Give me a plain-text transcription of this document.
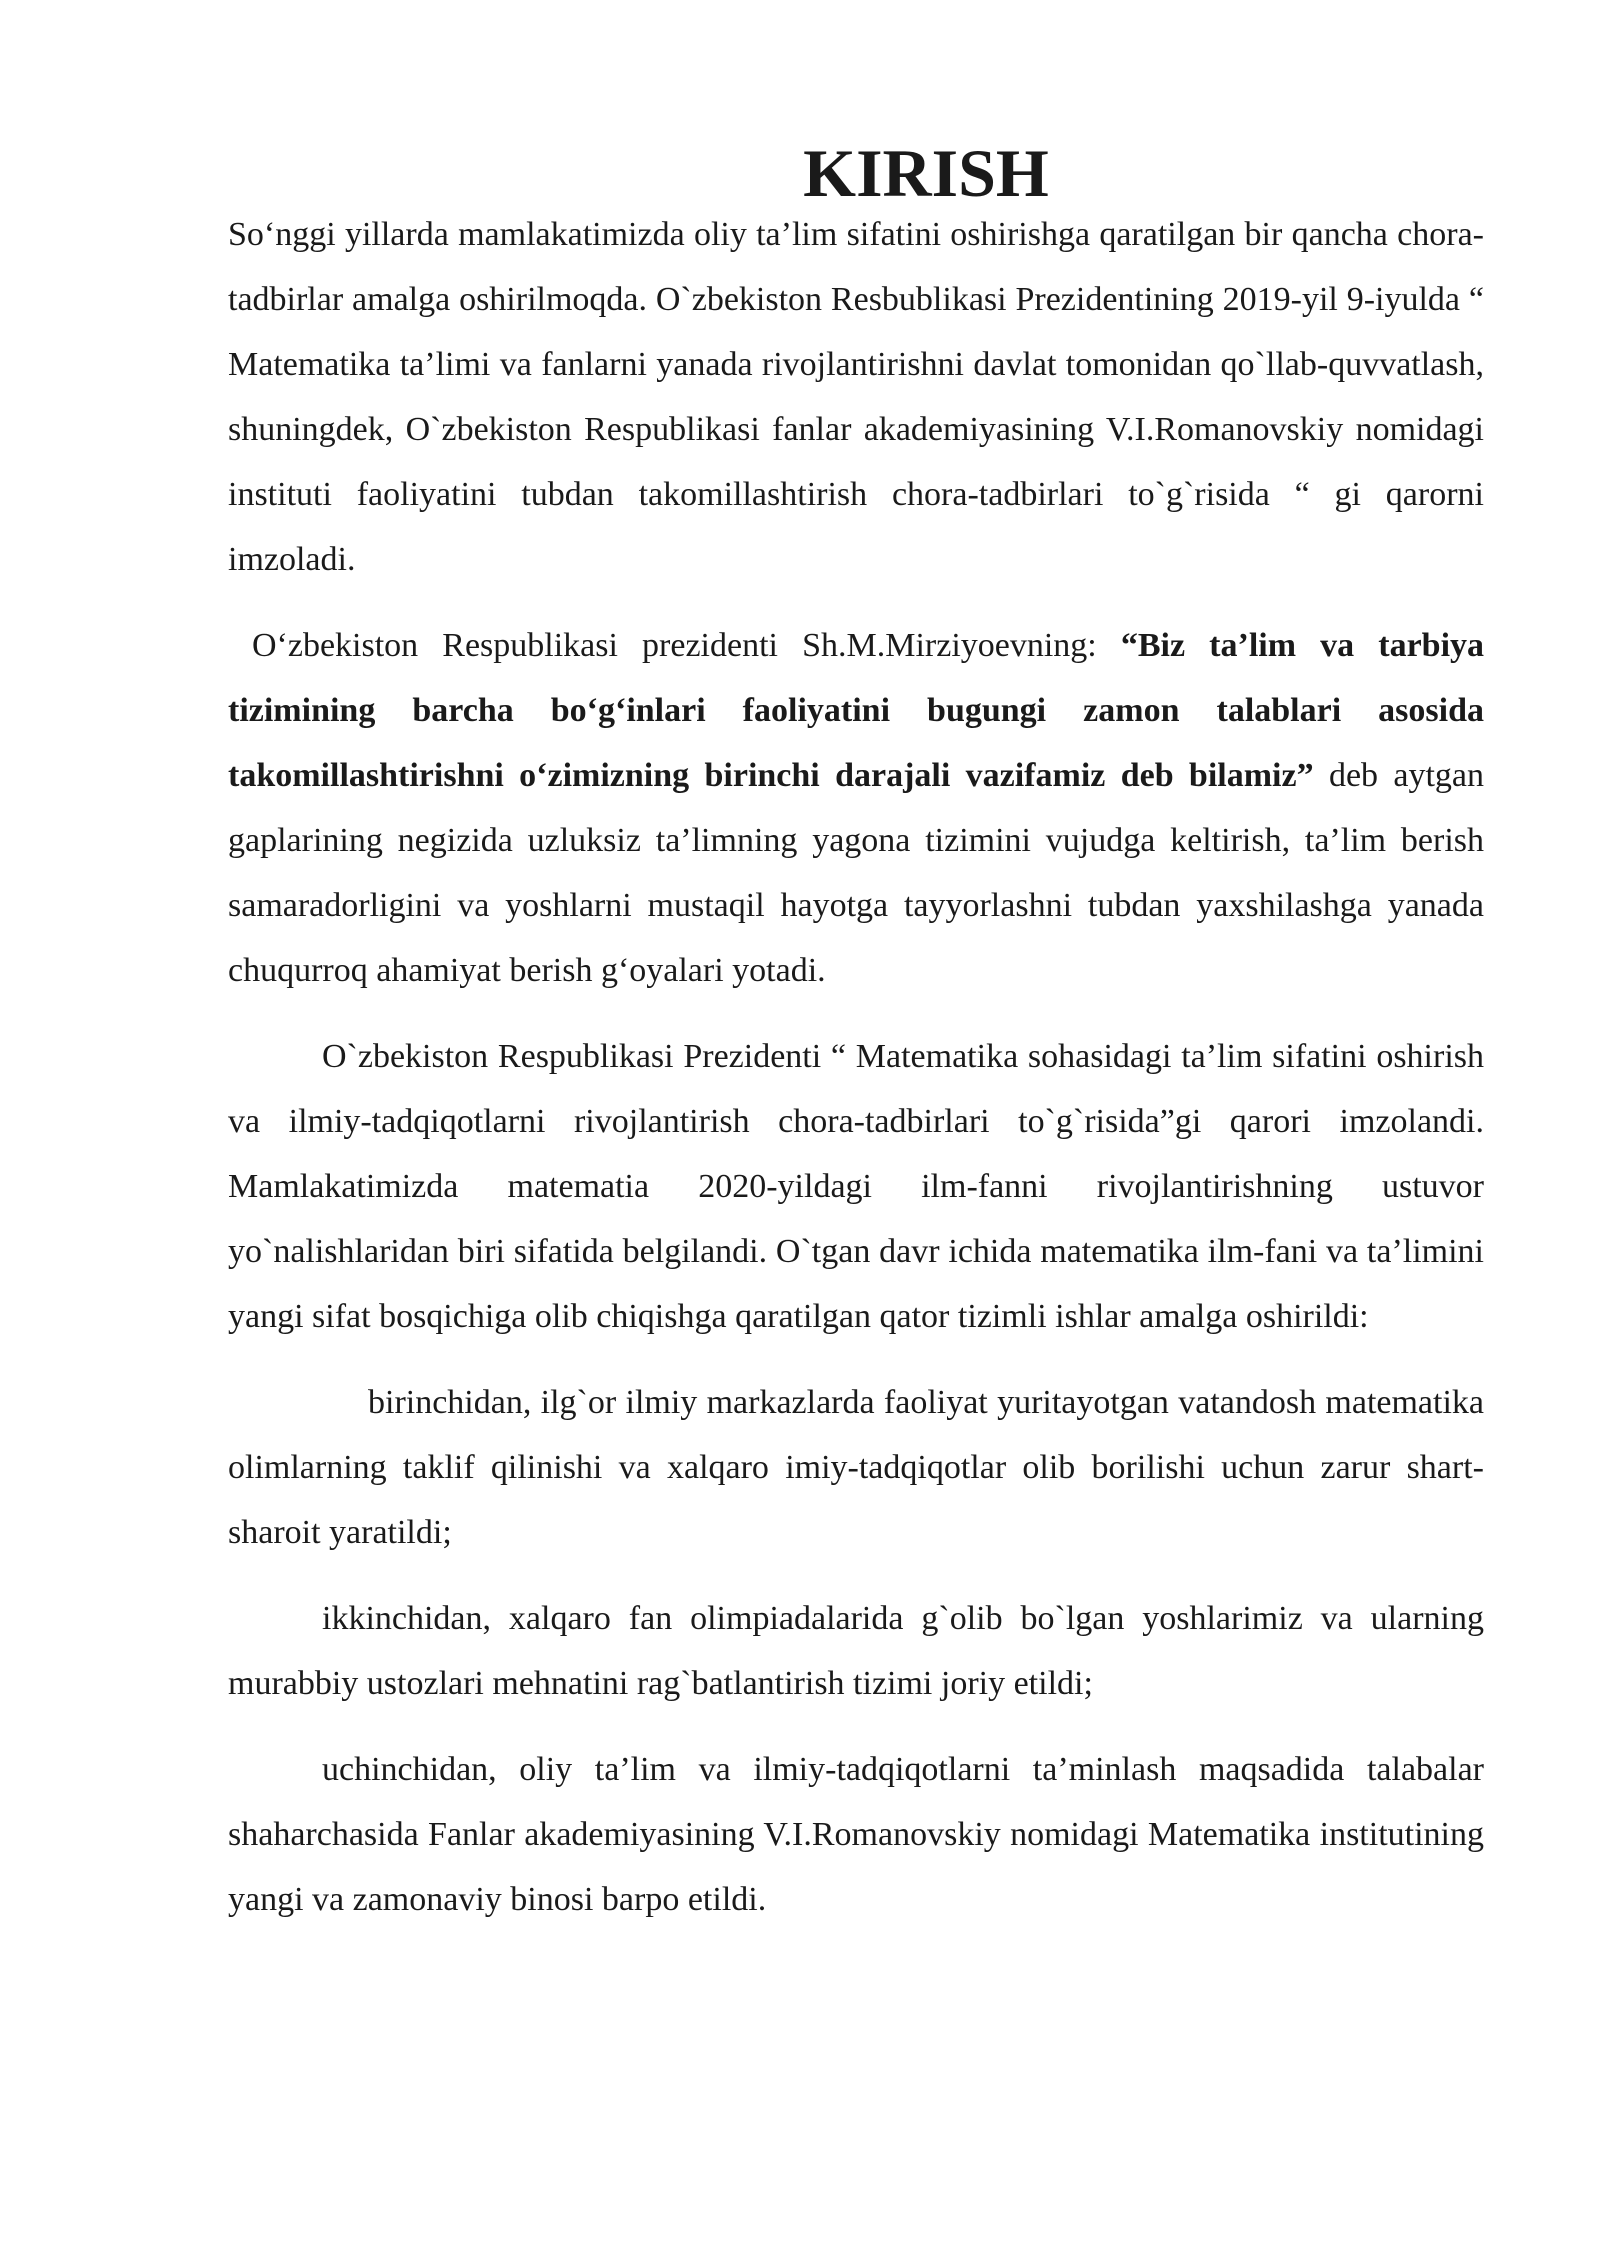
KIRISH

So‘nggi yillarda mamlakatimizda oliy ta’lim sifatini oshirishga qaratilgan bir qancha chora-tadbirlar amalga oshirilmoqda. O`zbekiston Resbublikasi Prezidentining 2019-yil 9-iyulda “ Matematika ta’limi va fanlarni yanada rivojlantirishni davlat tomonidan qo`llab-quvvatlash, shuningdek, O`zbekiston Respublikasi fanlar akademiyasining V.I.Romanovskiy nomidagi instituti faoliyatini tubdan takomillashtirish chora-tadbirlari to`g`risida “ gi qarorni imzoladi.

O‘zbekiston Respublikasi prezidenti Sh.M.Mirziyoevning: “Biz ta’lim va tarbiya tizimining barcha bo‘g‘inlari faoliyatini bugungi zamon talablari asosida takomillashtirishni o‘zimizning birinchi darajali vazifamiz deb bilamiz” deb aytgan gaplarining negizida uzluksiz ta’limning yagona tizimini vujudga keltirish, ta’lim berish samaradorligini va yoshlarni mustaqil hayotga tayyorlashni tubdan yaxshilashga yanada chuqurroq ahamiyat berish g‘oyalari yotadi.

O`zbekiston Respublikasi Prezidenti “ Matematika sohasidagi ta’lim sifatini oshirish va ilmiy-tadqiqotlarni rivojlantirish chora-tadbirlari to`g`risida”gi qarori imzolandi. Mamlakatimizda matematia 2020-yildagi ilm-fanni rivojlantirishning ustuvor yo`nalishlaridan biri sifatida belgilandi. O`tgan davr ichida matematika ilm-fani va ta’limini yangi sifat bosqichiga olib chiqishga qaratilgan qator tizimli ishlar amalga oshirildi:

birinchidan, ilg`or ilmiy markazlarda faoliyat yuritayotgan vatandosh matematika olimlarning taklif qilinishi va xalqaro imiy-tadqiqotlar olib borilishi uchun zarur shart-sharoit yaratildi;

ikkinchidan, xalqaro fan olimpiadalarida g`olib bo`lgan yoshlarimiz va ularning murabbiy ustozlari mehnatini rag`batlantirish tizimi joriy etildi;

uchinchidan, oliy ta’lim va ilmiy-tadqiqotlarni ta’minlash maqsadida talabalar shaharchasida Fanlar akademiyasining V.I.Romanovskiy nomidagi Matematika institutining yangi va zamonaviy binosi barpo etildi.
